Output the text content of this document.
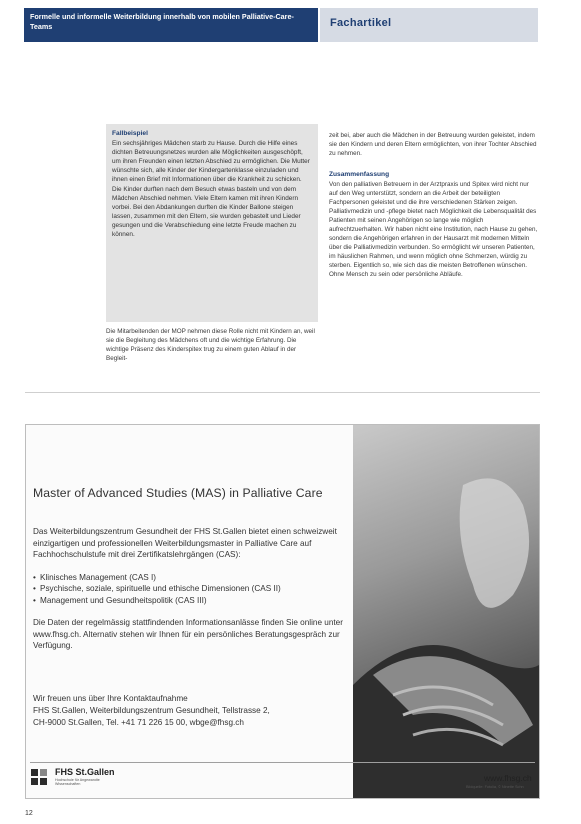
Formelle und informelle Weiterbildung innerhalb von mobilen Palliative-Care-Teams	Fachartikel
Fallbeispiel

Ein sechsjähriges Mädchen starb zu Hause. Durch die Hilfe eines dichten Betreuungsnetzes wurden alle Möglichkeiten ausgeschöpft, um ihren Freunden einen letzten Abschied zu ermöglichen. Die Mutter wünschte sich, alle Kinder der Kindergartenklasse einzuladen und ihnen einen Brief mit Informationen über die Krankheit zu schicken. Die Kinder durften nach dem Besuch etwas basteln und von dem Mädchen Abschied nehmen. Viele Eltern kamen mit ihren Kindern vorbei. Bei den Abdankungen durften die Kinder Ballone steigen lassen, zusammen mit den Eltern, sie wurden gebastelt und Lieder gesungen und die Verabschiedung eine letzte Freude machen zu können.

Die Mitarbeitenden der MOP nehmen diese Rolle nicht mit Kindern an, weil sie die Begleitung des Mädchens oft und die wichtige Erfahrung. Die wichtige Präsenz des Kinderspitex trug zu einem guten Ablauf in der Begleit-

zeit bei, aber auch die Mädchen in der Betreuung wurden geleistet, indem sie den Kindern und deren Eltern ermöglichten, von ihrer Tochter Abschied zu nehmen.

Zusammenfassung

Von den palliativen Betreuern in der Arztpraxis und Spitex wird nicht nur auf den Weg unterstützt, sondern an die Arbeit der beteiligten Fachpersonen geleistet und die ihre verschiedenen Stärken zeigen. Palliativmedizin und -pflege bietet nach Möglichkeit die Lebensqualität des Patienten mit seinen Angehörigen so lange wie möglich aufrechtzuerhalten. Wir haben nicht eine Institution, nach Hause zu gehen, sondern die Angehörigen erfahren in der Hausarzt mit modernen Mitteln über die Palliativmedizin verbunden. So ermöglicht wir unseren Patienten, im häuslichen Rahmen, und wenn möglich ohne Schmerzen, würdig zu sterben. Eigentlich so, wie sich das die meisten Betroffenen wünschen. Ohne Mensch zu sein oder persönliche Abläufe.

Master of Advanced Studies (MAS) in Palliative Care

Das Weiterbildungszentrum Gesundheit der FHS St.Gallen bietet einen schweizweit einzigartigen und professionellen Weiterbildungsmaster in Palliative Care auf Fachhochschulstufe mit drei Zertifikatslehrgängen (CAS):

• Klinisches Management (CAS I)
• Psychische, soziale, spirituelle und ethische Dimensionen (CAS II)
• Management und Gesundheitspolitik (CAS III)

Die Daten der regelmässig stattfindenden Informationsanlässe finden Sie online unter www.fhsg.ch. Alternativ stehen wir Ihnen für ein persönliches Beratungsgespräch zur Verfügung.

Wir freuen uns über Ihre Kontaktaufnahme

FHS St.Gallen, Weiterbildungszentrum Gesundheit, Tellstrasse 2,

CH-9000 St.Gallen, Tel. +41 71 226 15 00, wbge@fhsg.ch

FHS St.Gallen
Hochschule für Angewandte Wissenschaften
www.fhsg.ch
Bildquelle: Fotolia, © Ninette Schn
12
